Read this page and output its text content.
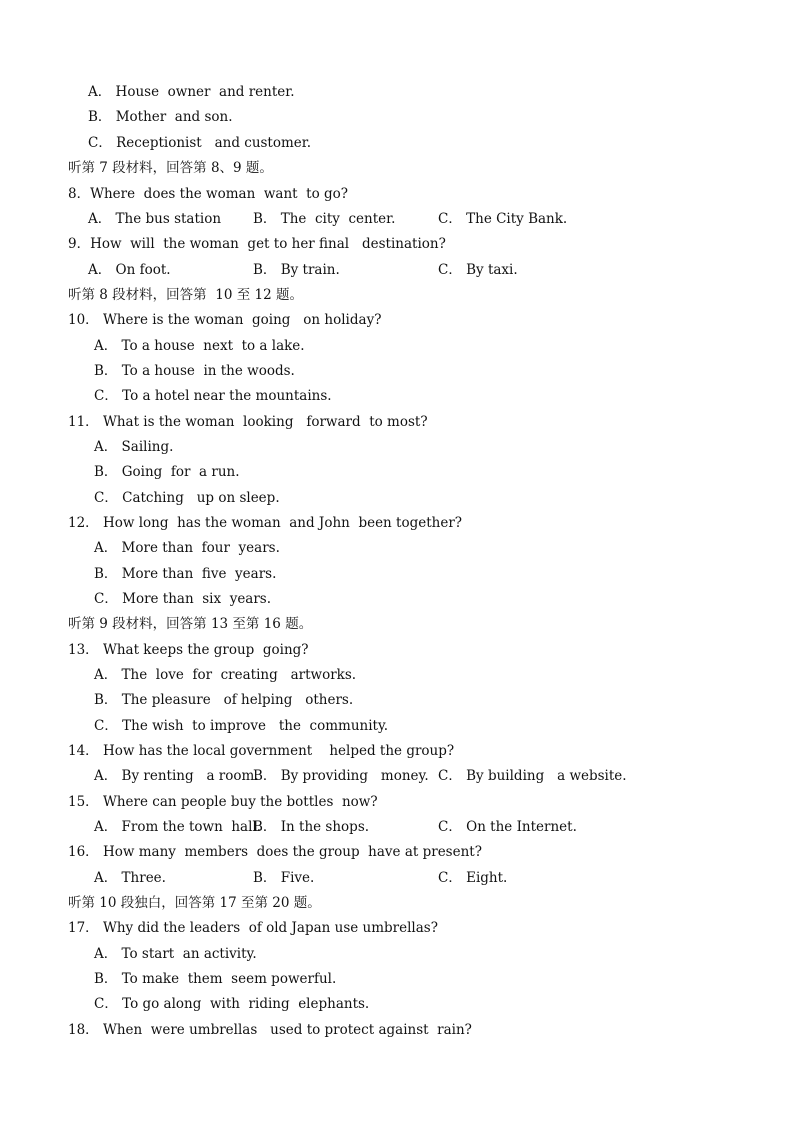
A． House  owner  and renter.
B． Mother  and son.
C． Receptionist   and customer.
听第 7 段材料，回答第 8、9 题。
8．Where  does the woman  want  to go?
A． The bus station B． The  city  center.	C． The City Bank.
9．How  will  the woman  get to her final   destination?
A． On foot.	B． By train.	C． By taxi.
听第 8 段材料，回答第  10 至 12 题。
10． Where is the woman  going   on holiday?
A． To a house  next  to a lake.
B． To a house  in the woods.
C． To a hotel near the mountains.
11． What is the woman  looking   forward  to most?
A． Sailing.
B． Going  for  a run.
C． Catching   up on sleep.
12． How long  has the woman  and John  been together?
A． More than  four  years.
B． More than  five  years.
C． More than  six  years.
听第 9 段材料，回答第 13 至第 16 题。
13． What keeps the group  going?
A． The  love  for  creating   artworks.
B． The pleasure   of helping   others.
C． The wish  to improve   the  community.
14． How has the local government    helped the group?
A． By renting   a room.
B． By providing   money. C． By building   a website.
15． Where can people buy the bottles  now?
A． From the town  hall.
B． In the shops.	C． On the Internet.
16． How many  members  does the group  have at present?
A． Three.	B． Five.	C． Eight.
听第 10 段独白，回答第 17 至第 20 题。
17． Why did the leaders  of old Japan use umbrellas?
A． To start  an activity.
B． To make  them  seem powerful.
C． To go along  with  riding  elephants.
18． When  were umbrellas   used to protect against  rain?
